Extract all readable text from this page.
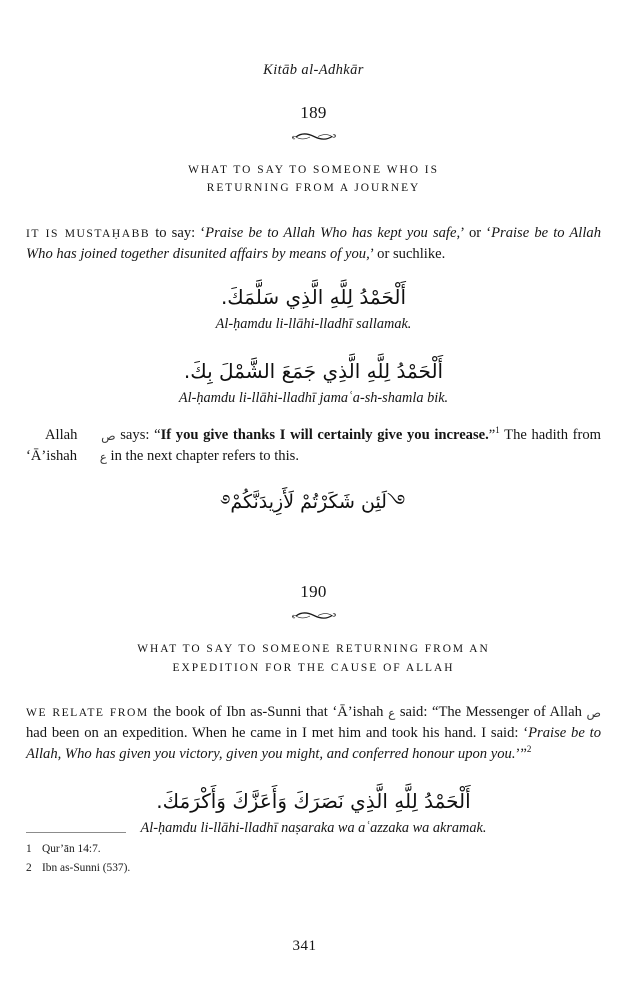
Kitāb al-Adhkār
189
WHAT TO SAY TO SOMEONE WHO IS
RETURNING FROM A JOURNEY

IT IS MUSTAḤABB to say: ‘Praise be to Allah Who has kept you safe,’ or ‘Praise be to Allah Who has joined together disunited affairs by means of you,’ or suchlike.

أَلْحَمْدُ لِلَّهِ الَّذِي سَلَّمَكَ.

Al-ḥamdu li-llāhi-lladhī sallamak.

أَلْحَمْدُ لِلَّهِ الَّذِي جَمَعَ الشَّمْلَ بِكَ.

Al-ḥamdu li-llāhi-lladhī jamaʿa-sh-shamla bik.

Allah ص says: “If you give thanks I will certainly give you increase.”$^1$ The hadith from ‘Ā’ishah ع in the next chapter refers to this.

࿓لَئِن شَكَرْتُمْ لَأَزِيدَنَّكُمْ࿔

190
WHAT TO SAY TO SOMEONE RETURNING FROM AN
EXPEDITION FOR THE CAUSE OF ALLAH

WE RELATE FROM the book of Ibn as-Sunni that ‘Ā’ishah ع said: “The Messenger of Allah ص had been on an expedition. When he came in I met him and took his hand. I said: ‘Praise be to Allah, Who has given you victory, given you might, and conferred honour upon you.’”$^2$

أَلْحَمْدُ لِلَّهِ الَّذِي نَصَرَكَ وَأَعَزَّكَ وَأَكْرَمَكَ.

Al-ḥamdu li-llāhi-lladhī naṣaraka wa aʿazzaka wa akramak.

1 Qur’ān 14:7.
2 Ibn as-Sunni (537).
341
